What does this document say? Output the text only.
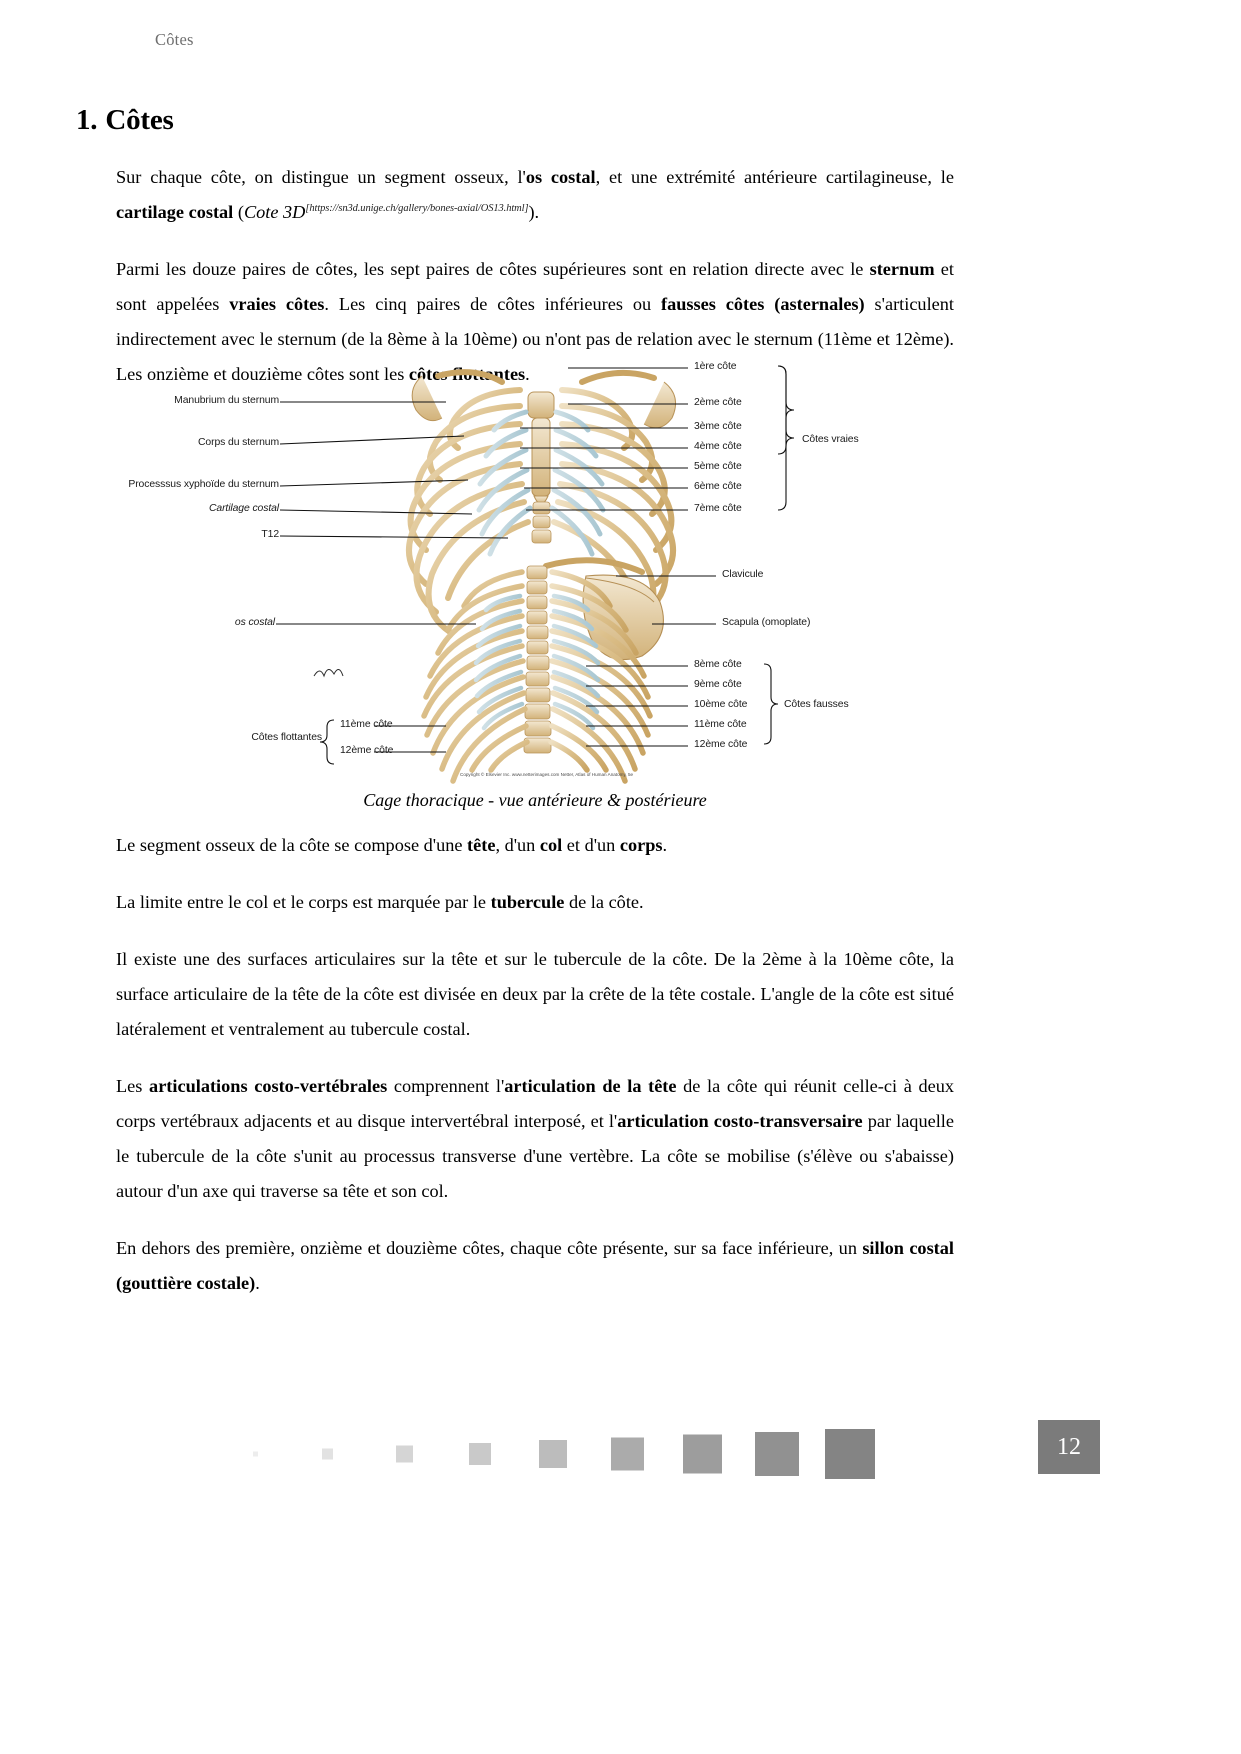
Côtes
1. Côtes

Sur chaque côte, on distingue un segment osseux, l'os costal, et une extrémité antérieure cartilagineuse, le cartilage costal (Cote 3D[https://sn3d.unige.ch/gallery/bones-axial/OS13.html]).

Parmi les douze paires de côtes, les sept paires de côtes supérieures sont en relation directe avec le sternum et sont appelées vraies côtes. Les cinq paires de côtes inférieures ou fausses côtes (asternales) s'articulent indirectement avec le sternum (de la 8ème à la 10ème) ou n'ont pas de relation avec le sternum (11ème et 12ème). Les onzième et douzième côtes sont les côtes flottantes.

Manubrium du sternum
Corps du sternum
Processsus xyphoïde du sternum
Cartilage costal
T12
1ère côte
2ème côte
3ème côte
4ème côte
5ème côte
6ème côte
7ème côte
Côtes vraies
os costal
Clavicule
Scapula (omoplate)
8ème côte
9ème côte
10ème côte
11ème côte
12ème côte
Côtes fausses
11ème côte
12ème côte
Côtes flottantes
Copyright © Elsevier Inc. www.netterimages.com Netter, Atlas of Human Anatomy, 5e
Cage thoracique - vue antérieure & postérieure

Le segment osseux de la côte se compose d'une tête, d'un col et d'un corps.

La limite entre le col et le corps est marquée par le tubercule de la côte.

Il existe une des surfaces articulaires sur la tête et sur le tubercule de la côte. De la 2ème à la 10ème côte, la surface articulaire de la tête de la côte est divisée en deux par la crête de la tête costale. L'angle de la côte est situé latéralement et ventralement au tubercule costal.

Les articulations costo-vertébrales comprennent l'articulation de la tête de la côte qui réunit celle-ci à deux corps vertébraux adjacents et au disque intervertébral interposé, et l'articulation costo-transversaire par laquelle le tubercule de la côte s'unit au processus transverse d'une vertèbre. La côte se mobilise (s'élève ou s'abaisse) autour d'un axe qui traverse sa tête et son col.

En dehors des première, onzième et douzième côtes, chaque côte présente, sur sa face inférieure, un sillon costal (gouttière costale).

12
